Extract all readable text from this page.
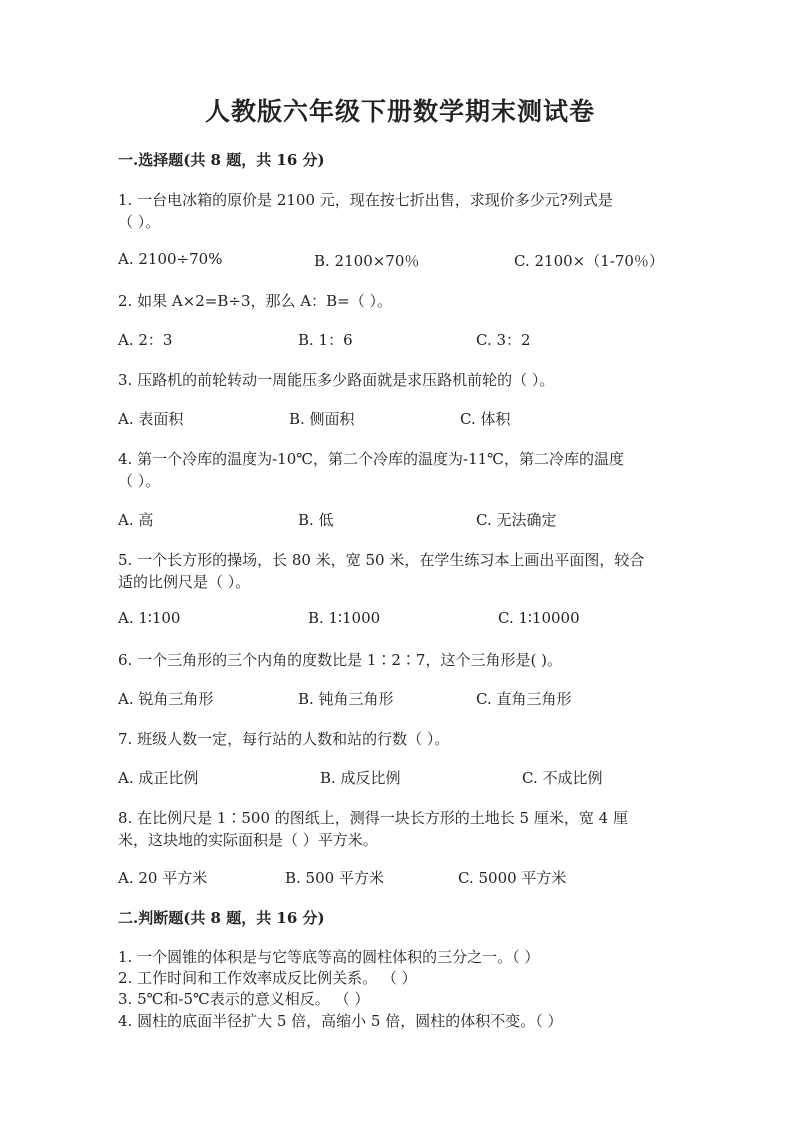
人教版六年级下册数学期末测试卷
一.选择题(共 8 题，共 16 分)
1. 一台电冰箱的原价是 2100 元，现在按七折出售，求现价多少元?列式是
（ ）。
A. 2100÷70%	B. 2100×70％	C. 2100×（1-70％）
2. 如果 A×2=B÷3，那么 A：B=（ ）。
A. 2：3	B. 1：6	C. 3：2
3. 压路机的前轮转动一周能压多少路面就是求压路机前轮的（ ）。
A. 表面积	B. 侧面积	C. 体积
4. 第一个冷库的温度为-10℃，第二个冷库的温度为-11℃，第二冷库的温度
（ ）。
A. 高	B. 低	C. 无法确定
5. 一个长方形的操场，长 80 米，宽 50 米，在学生练习本上画出平面图，较合
适的比例尺是（ ）。
A. 1∶100	B. 1∶1000	C. 1∶10000
6. 一个三角形的三个内角的度数比是 1∶2∶7，这个三角形是( )。
A. 锐角三角形	B. 钝角三角形	C. 直角三角形
7. 班级人数一定，每行站的人数和站的行数（ ）。
A. 成正比例	B. 成反比例	C. 不成比例
8. 在比例尺是 1∶500 的图纸上，测得一块长方形的土地长 5 厘米，宽 4 厘
米，这块地的实际面积是（ ）平方米。
A. 20 平方米	B. 500 平方米	C. 5000 平方米
二.判断题(共 8 题，共 16 分)
1. 一个圆锥的体积是与它等底等高的圆柱体积的三分之一。（ ）
2. 工作时间和工作效率成反比例关系。 （ ）
3. 5℃和-5℃表示的意义相反。 （ ）
4. 圆柱的底面半径扩大 5 倍，高缩小 5 倍，圆柱的体积不变。（ ）
